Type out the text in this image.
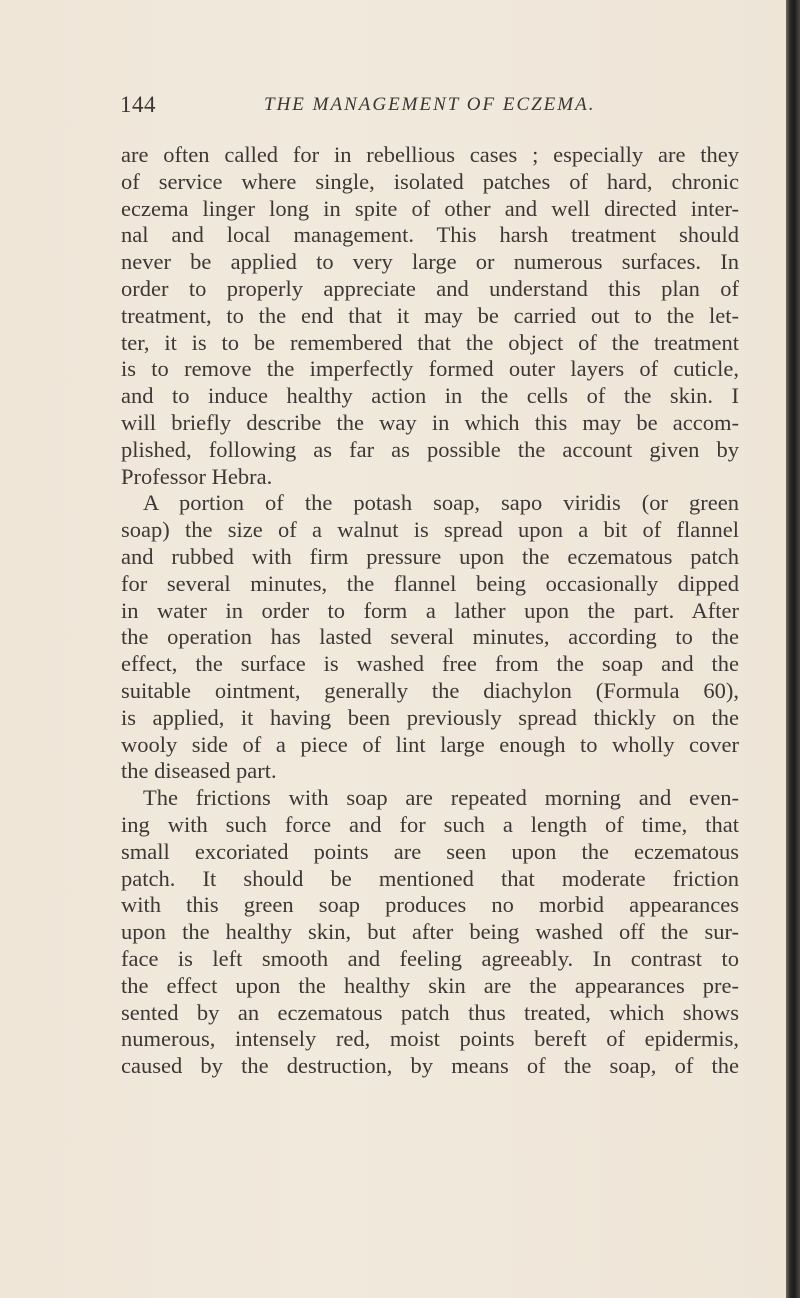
144	THE MANAGEMENT OF ECZEMA.
are often called for in rebellious cases ; especially are they
of service where single, isolated patches of hard, chronic
eczema linger long in spite of other and well directed inter-
nal and local management. This harsh treatment should
never be applied to very large or numerous surfaces. In
order to properly appreciate and understand this plan of
treatment, to the end that it may be carried out to the let-
ter, it is to be remembered that the object of the treatment
is to remove the imperfectly formed outer layers of cuticle,
and to induce healthy action in the cells of the skin. I
will briefly describe the way in which this may be accom-
plished, following as far as possible the account given by
Professor Hebra.
A portion of the potash soap, sapo viridis (or green
soap) the size of a walnut is spread upon a bit of flannel
and rubbed with firm pressure upon the eczematous patch
for several minutes, the flannel being occasionally dipped
in water in order to form a lather upon the part. After
the operation has lasted several minutes, according to the
effect, the surface is washed free from the soap and the
suitable ointment, generally the diachylon (Formula 60),
is applied, it having been previously spread thickly on the
wooly side of a piece of lint large enough to wholly cover
the diseased part.
The frictions with soap are repeated morning and even-
ing with such force and for such a length of time, that
small excoriated points are seen upon the eczematous
patch. It should be mentioned that moderate friction
with this green soap produces no morbid appearances
upon the healthy skin, but after being washed off the sur-
face is left smooth and feeling agreeably. In contrast to
the effect upon the healthy skin are the appearances pre-
sented by an eczematous patch thus treated, which shows
numerous, intensely red, moist points bereft of epidermis,
caused by the destruction, by means of the soap, of the
